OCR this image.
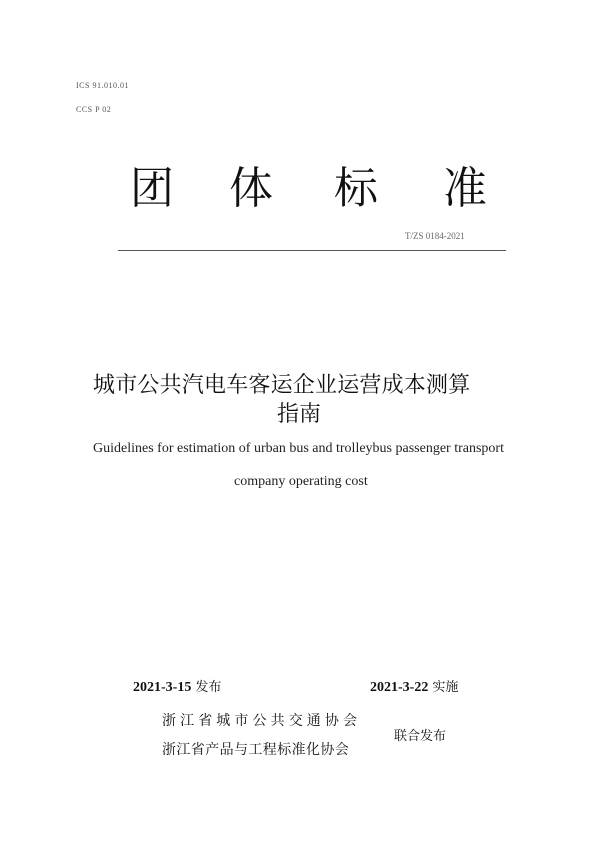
ICS 91.010.01
CCS P 02
团 体 标 准
T/ZS 0184-2021
城市公共汽电车客运企业运营成本测算
指南
Guidelines for estimation of urban bus and trolleybus passenger transport
company operating cost
2021-3-15 发布	2021-3-22 实施
浙江省城市公共交通协会
浙江省产品与工程标准化协会
联合发布
